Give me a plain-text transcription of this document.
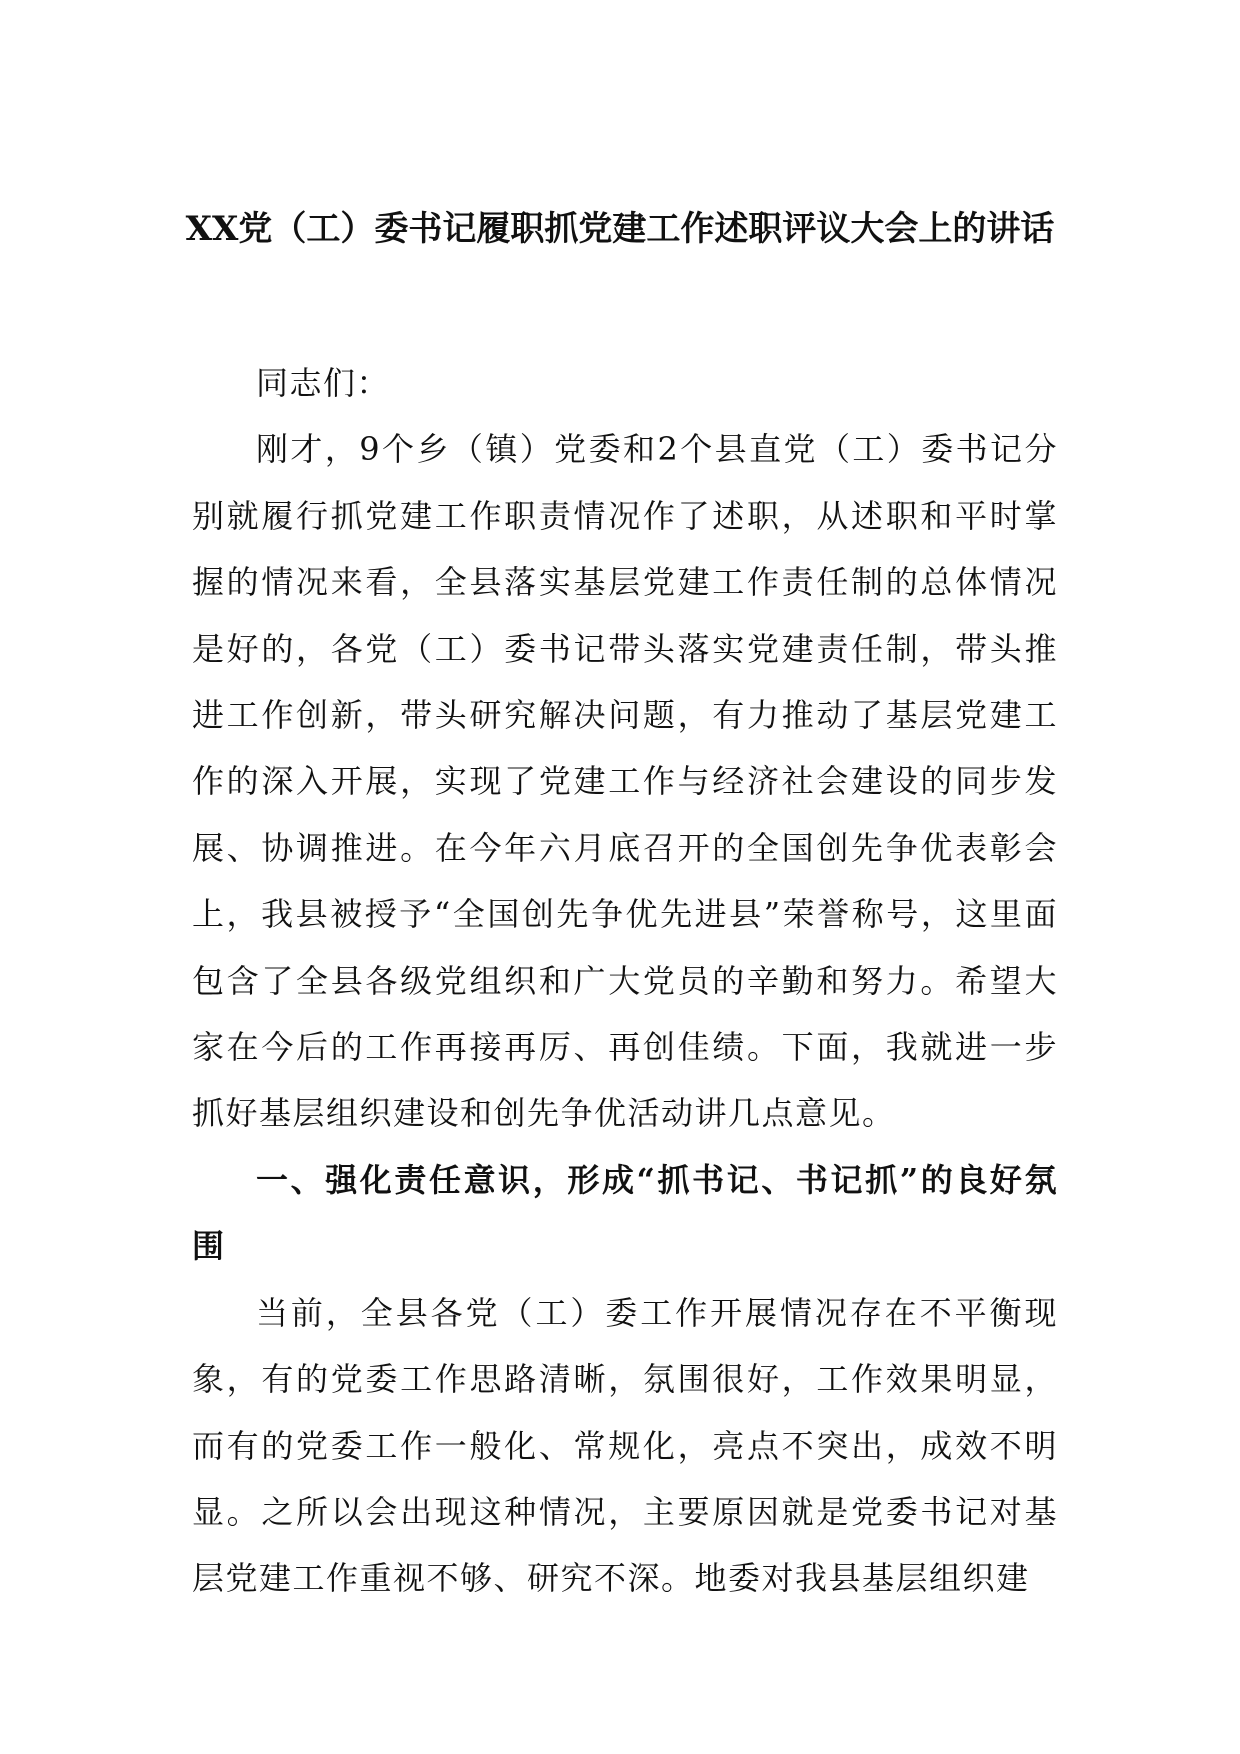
XX党（工）委书记履职抓党建工作述职评议大会上的讲话

同志们：

刚才，9个乡（镇）党委和2个县直党（工）委书记分别就履行抓党建工作职责情况作了述职，从述职和平时掌握的情况来看，全县落实基层党建工作责任制的总体情况是好的，各党（工）委书记带头落实党建责任制，带头推进工作创新，带头研究解决问题，有力推动了基层党建工作的深入开展，实现了党建工作与经济社会建设的同步发展、协调推进。在今年六月底召开的全国创先争优表彰会上，我县被授予“全国创先争优先进县”荣誉称号，这里面包含了全县各级党组织和广大党员的辛勤和努力。希望大家在今后的工作再接再厉、再创佳绩。下面，我就进一步抓好基层组织建设和创先争优活动讲几点意见。

一、强化责任意识，形成“抓书记、书记抓”的良好氛围

当前，全县各党（工）委工作开展情况存在不平衡现象，有的党委工作思路清晰，氛围很好，工作效果明显，而有的党委工作一般化、常规化，亮点不突出，成效不明显。之所以会出现这种情况，主要原因就是党委书记对基层党建工作重视不够、研究不深。地委对我县基层组织建
